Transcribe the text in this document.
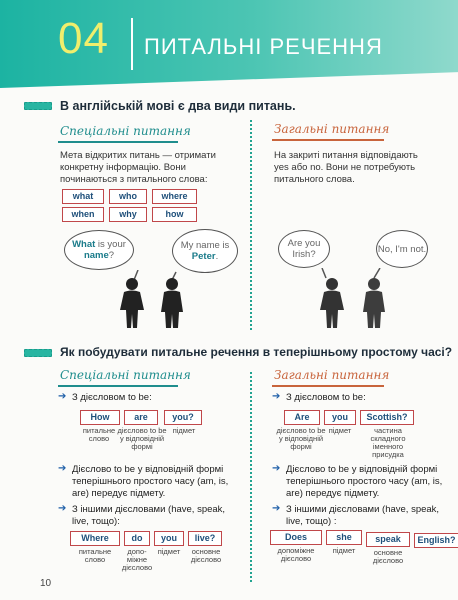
04 ПИТАЛЬНІ РЕЧЕННЯ
В англійській мові є два види питань.
Спеціальні питання
Мета відкритих питань — отримати конкретну інформацію. Вони починаються з питального слова:
what	who	where
when	why	how
What is your name?
My name is Peter.
Загальні питання
На закриті питання відповідають yes або no. Вони не потребують питального слова.
Are you Irish?	No, I'm not.
Як побудувати питальне речення в теперішньому простому часі?
Спеціальні питання
➔ З дієсловом to be:
How	are	you?
питальне слово
дієслово to be у відповідній формі
підмет
➔ Дієслово to be у відповідній формі теперішнього простого часу (am, is, are) передує підмету.
➔ З іншими дієсловами (have, speak, live, тощо):
Where	do	you	live?
питальне слово
допо-міжне дієслово
підмет	основне дієслово
Загальні питання
➔ З дієсловом to be:
Are	you	Scottish?
дієслово to be у відповідній формі
підмет	частина складного іменного присудка
➔ Дієслово to be у відповідній формі теперішнього простого часу (am, is, are) передує підмету.
➔ З іншими дієсловами (have, speak, live, тощо) :
Does	she	speak	English?
допоміжне дієслово
підмет	основне дієслово
10
